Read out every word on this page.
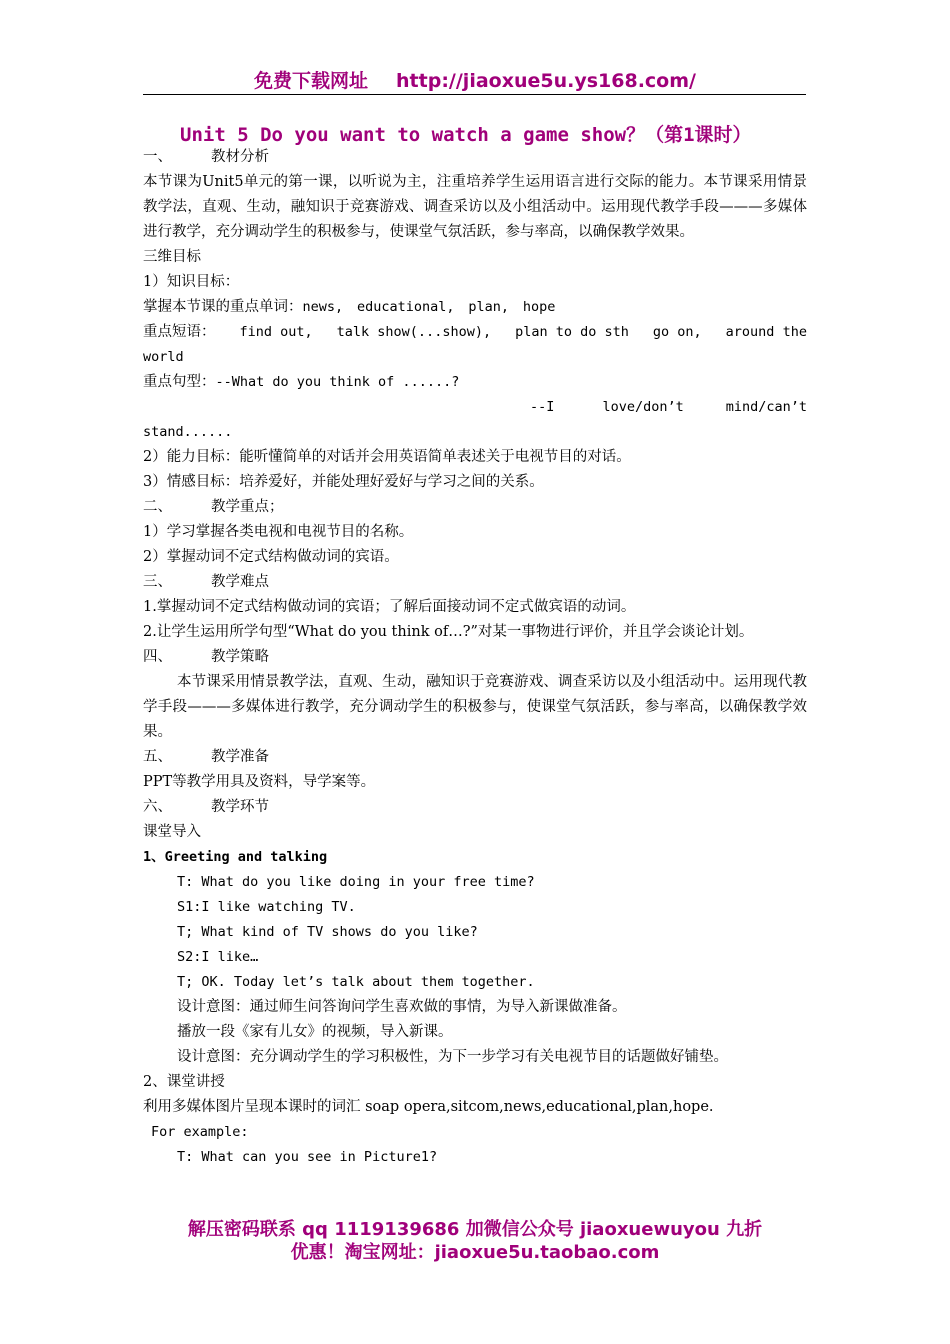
免费下载网址 http://jiaoxue5u.ys168.com/
Unit 5 Do you want to watch a game show？（第1课时）
一、	教材分析
本节课为Unit5单元的第一课，以听说为主，注重培养学生运用语言进行交际的能力。本节课采用情景教学法，直观、生动，融知识于竞赛游戏、调查采访以及小组活动中。运用现代教学手段———多媒体进行教学，充分调动学生的积极参与，使课堂气氛活跃，参与率高，以确保教学效果。
三维目标
1）知识目标：
掌握本节课的重点单词：news, educational, plan, hope
重点短语： find out, talk show(...show), plan to do sth go on, around the
world
重点句型：--What do you think of ......?
--I	love/don’t	mind/can’t
stand......
2）能力目标：能听懂简单的对话并会用英语简单表述关于电视节目的对话。
3）情感目标：培养爱好，并能处理好爱好与学习之间的关系。
二、	教学重点；
1）学习掌握各类电视和电视节目的名称。
2）掌握动词不定式结构做动词的宾语。
三、	教学难点
1.掌握动词不定式结构做动词的宾语；了解后面接动词不定式做宾语的动词。
2.让学生运用所学句型“What do you think of…?”对某一事物进行评价，并且学会谈论计划。
四、	教学策略
本节课采用情景教学法，直观、生动，融知识于竞赛游戏、调查采访以及小组活动中。运用现代教学手段———多媒体进行教学，充分调动学生的积极参与，使课堂气氛活跃，参与率高，以确保教学效果。
五、	教学准备
PPT等教学用具及资料，导学案等。
六、	教学环节
课堂导入
1、Greeting and talking
T: What do you like doing in your free time?
S1:I like watching TV.
T; What kind of TV shows do you like?
S2:I like…
T; OK. Today let’s talk about them together.
设计意图：通过师生问答询问学生喜欢做的事情，为导入新课做准备。
播放一段《家有儿女》的视频，导入新课。
设计意图：充分调动学生的学习积极性，为下一步学习有关电视节目的话题做好铺垫。
2、课堂讲授
利用多媒体图片呈现本课时的词汇 soap opera,sitcom,news,educational,plan,hope.
For example:
T: What can you see in Picture1?
解压密码联系 qq 1119139686 加微信公众号 jiaoxuewuyou 九折
优惠！淘宝网址：jiaoxue5u.taobao.com
